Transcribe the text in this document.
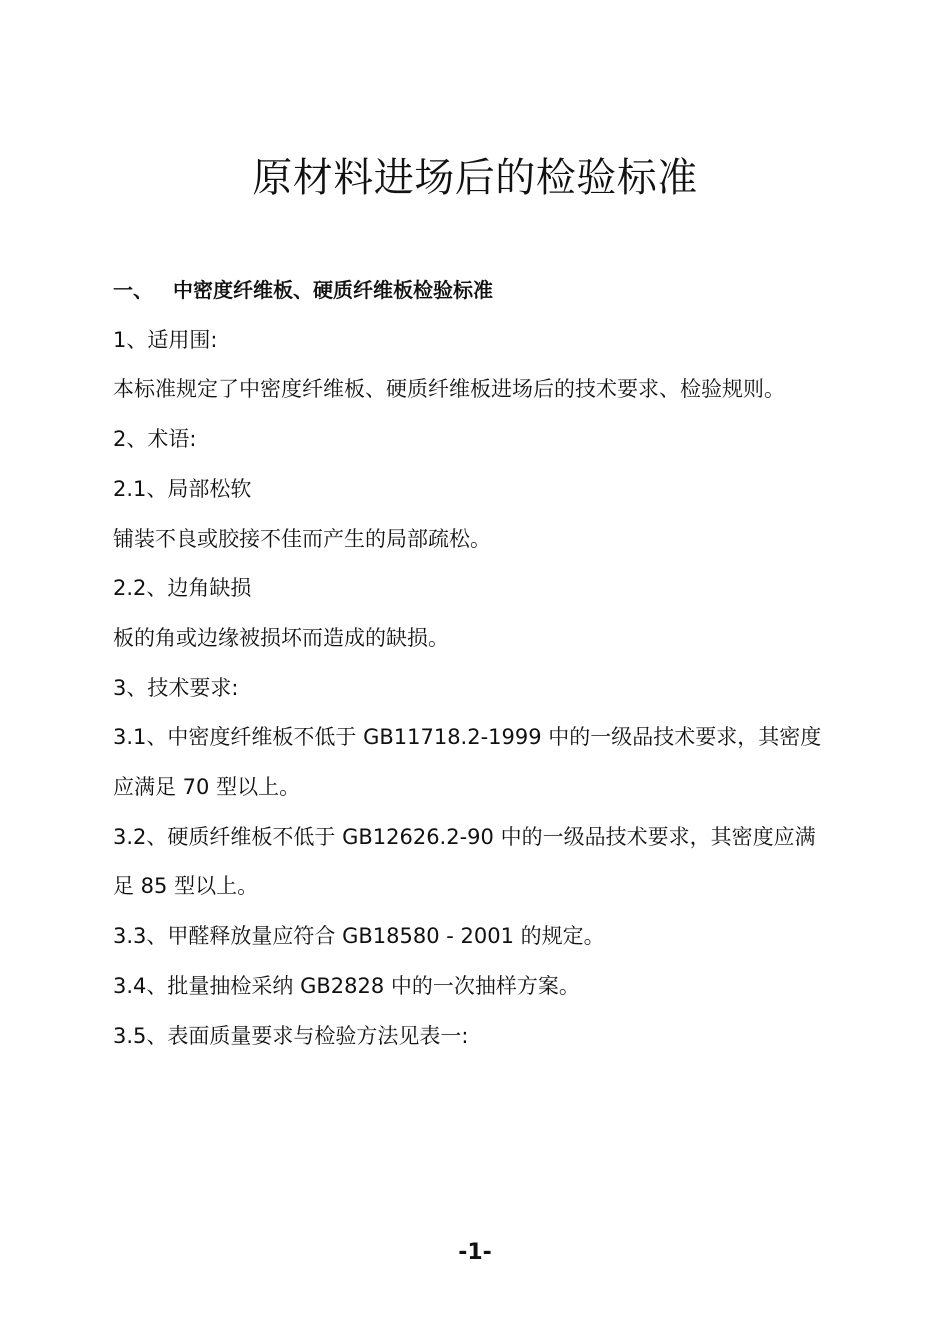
原材料进场后的检验标准

一、 中密度纤维板、硬质纤维板检验标准

1、适用围:

本标准规定了中密度纤维板、硬质纤维板进场后的技术要求、检验规则。

2、术语:

2.1、局部松软

铺装不良或胶接不佳而产生的局部疏松。

2.2、边角缺损

板的角或边缘被损坏而造成的缺损。

3、技术要求:

3.1、中密度纤维板不低于 GB11718.2-1999 中的一级品技术要求，其密度

应满足 70 型以上。

3.2、硬质纤维板不低于 GB12626.2-90 中的一级品技术要求，其密度应满

足 85 型以上。

3.3、甲醛释放量应符合 GB18580 - 2001 的规定。

3.4、批量抽检采纳 GB2828 中的一次抽样方案。

3.5、表面质量要求与检验方法见表一:

-1-
